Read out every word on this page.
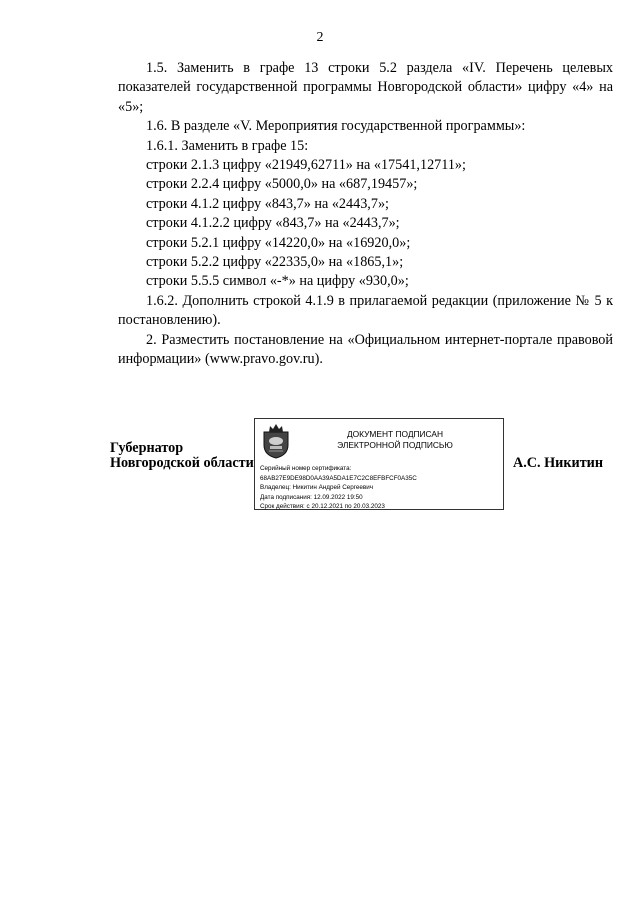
2

1.5. Заменить в графе 13 строки 5.2 раздела «IV. Перечень целевых показателей государственной программы Новгородской области» цифру «4» на «5»;

1.6. В разделе «V. Мероприятия государственной программы»:

1.6.1. Заменить в графе 15:

строки 2.1.3 цифру «21949,62711» на «17541,12711»;

строки 2.2.4 цифру «5000,0» на «687,19457»;

строки 4.1.2 цифру «843,7» на «2443,7»;

строки 4.1.2.2 цифру «843,7» на «2443,7»;

строки 5.2.1 цифру «14220,0» на «16920,0»;

строки 5.2.2 цифру «22335,0» на «1865,1»;

строки 5.5.5 символ «-*» на цифру «930,0»;

1.6.2. Дополнить строкой 4.1.9 в прилагаемой редакции (приложение № 5 к постановлению).

2. Разместить постановление на «Официальном интернет-портале правовой информации» (www.pravo.gov.ru).

Губернатор
Новгородской области
ДОКУМЕНТ ПОДПИСАН
ЭЛЕКТРОННОЙ ПОДПИСЬЮ
Серийный номер сертификата:
68AB27E9DE98D0AA39A5DA1E7C2C8EFBFCF0A35C
Владелец: Никитин Андрей Сергеевич
Дата подписания: 12.09.2022 19:50
Срок действия: с 20.12.2021 по 20.03.2023
А.С. Никитин
